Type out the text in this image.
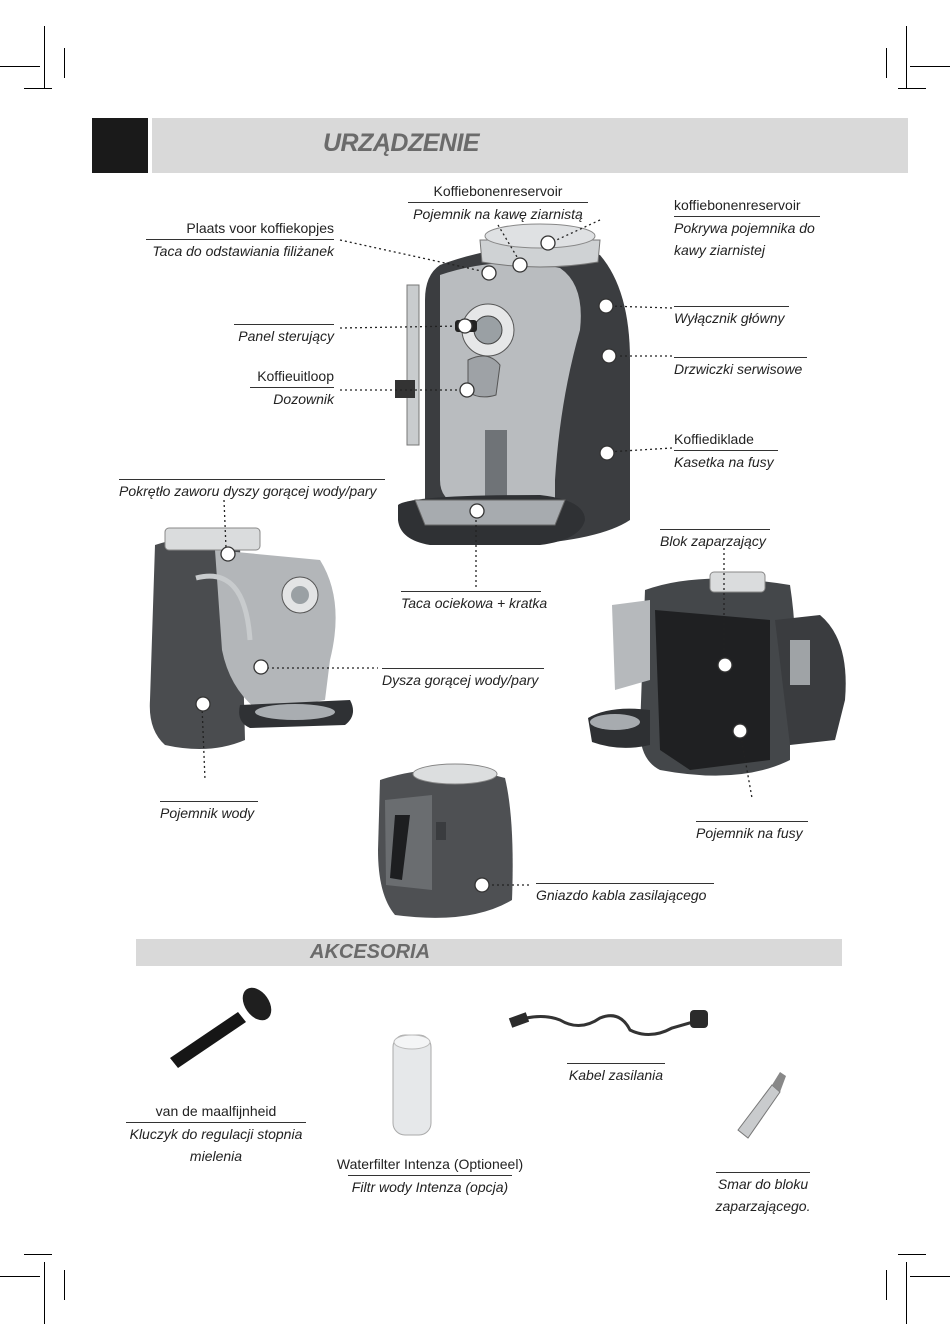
URZĄDZENIE
Koffiebonenreservoir
Pojemnik na kawę ziarnistą
koffiebonenreservoir
Pokrywa pojemnika do
kawy ziarnistej
Plaats voor koffiekopjes
Taca do odstawiania filiżanek
Panel sterujący
Wyłącznik główny
Drzwiczki serwisowe
Koffieuitloop
Dozownik
Koffiediklade
Kasetka na fusy
Pokrętło zaworu dyszy gorącej wody/pary
Blok zaparzający
Taca ociekowa + kratka
Dysza gorącej wody/pary
Pojemnik wody
Pojemnik na fusy
Gniazdo kabla zasilającego
AKCESORIA
van de maalfijnheid
Kluczyk do regulacji stopnia
mielenia	Waterfilter Intenza (Optioneel)
Filtr wody Intenza (opcja)
Kabel zasilania
Smar do bloku
zaparzającego.
